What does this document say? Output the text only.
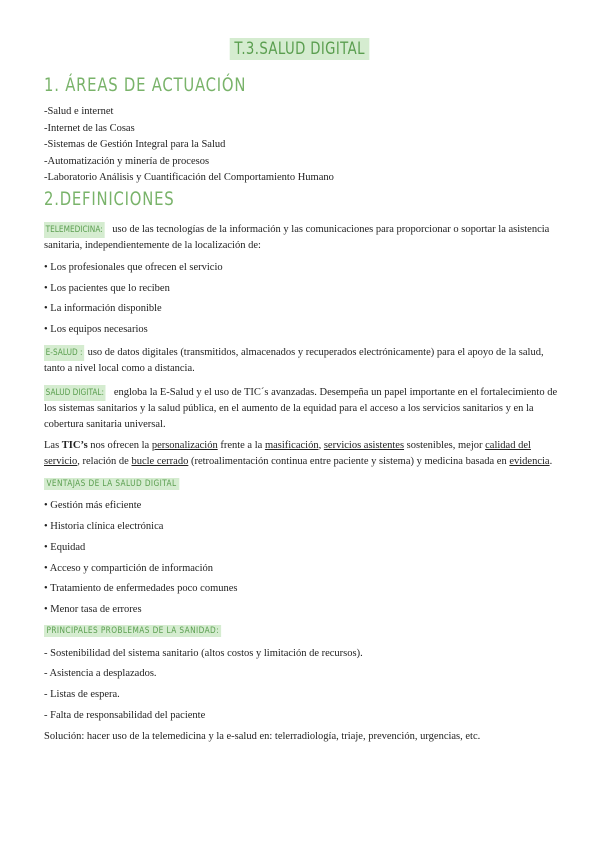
T.3.SALUD DIGITAL
1. ÁREAS DE ACTUACIÓN
-Salud e internet
-Internet de las Cosas
-Sistemas de Gestión Integral para la Salud
-Automatización y minería de procesos
-Laboratorio Análisis y Cuantificación del Comportamiento Humano
2.DEFINICIONES
TELEMEDICINA: uso de las tecnologías de la información y las comunicaciones para proporcionar o soportar la asistencia sanitaria, independientemente de la localización de:
• Los profesionales que ofrecen el servicio
• Los pacientes que lo reciben
• La información disponible
• Los equipos necesarios
E-SALUD : uso de datos digitales (transmitidos, almacenados y recuperados electrónicamente) para el apoyo de la salud, tanto a nivel local como a distancia.
SALUD DIGITAL: engloba la E-Salud y el uso de TIC´s avanzadas. Desempeña un papel importante en el fortalecimiento de los sistemas sanitarios y la salud pública, en el aumento de la equidad para el acceso a los servicios sanitarios y en la cobertura sanitaria universal.
Las TIC’s nos ofrecen la personalización frente a la masificación, servicios asistentes sostenibles, mejor calidad del servicio, relación de bucle cerrado (retroalimentación continua entre paciente y sistema) y medicina basada en evidencia.
VENTAJAS DE LA SALUD DIGITAL
• Gestión más eficiente
• Historia clínica electrónica
• Equidad
• Acceso y compartición de información
• Tratamiento de enfermedades poco comunes
• Menor tasa de errores
PRINCIPALES PROBLEMAS DE LA SANIDAD:
- Sostenibilidad del sistema sanitario (altos costos y limitación de recursos).
- Asistencia a desplazados.
- Listas de espera.
- Falta de responsabilidad del paciente
Solución: hacer uso de la telemedicina y la e-salud en: telerradiología, triaje, prevención, urgencias, etc.
